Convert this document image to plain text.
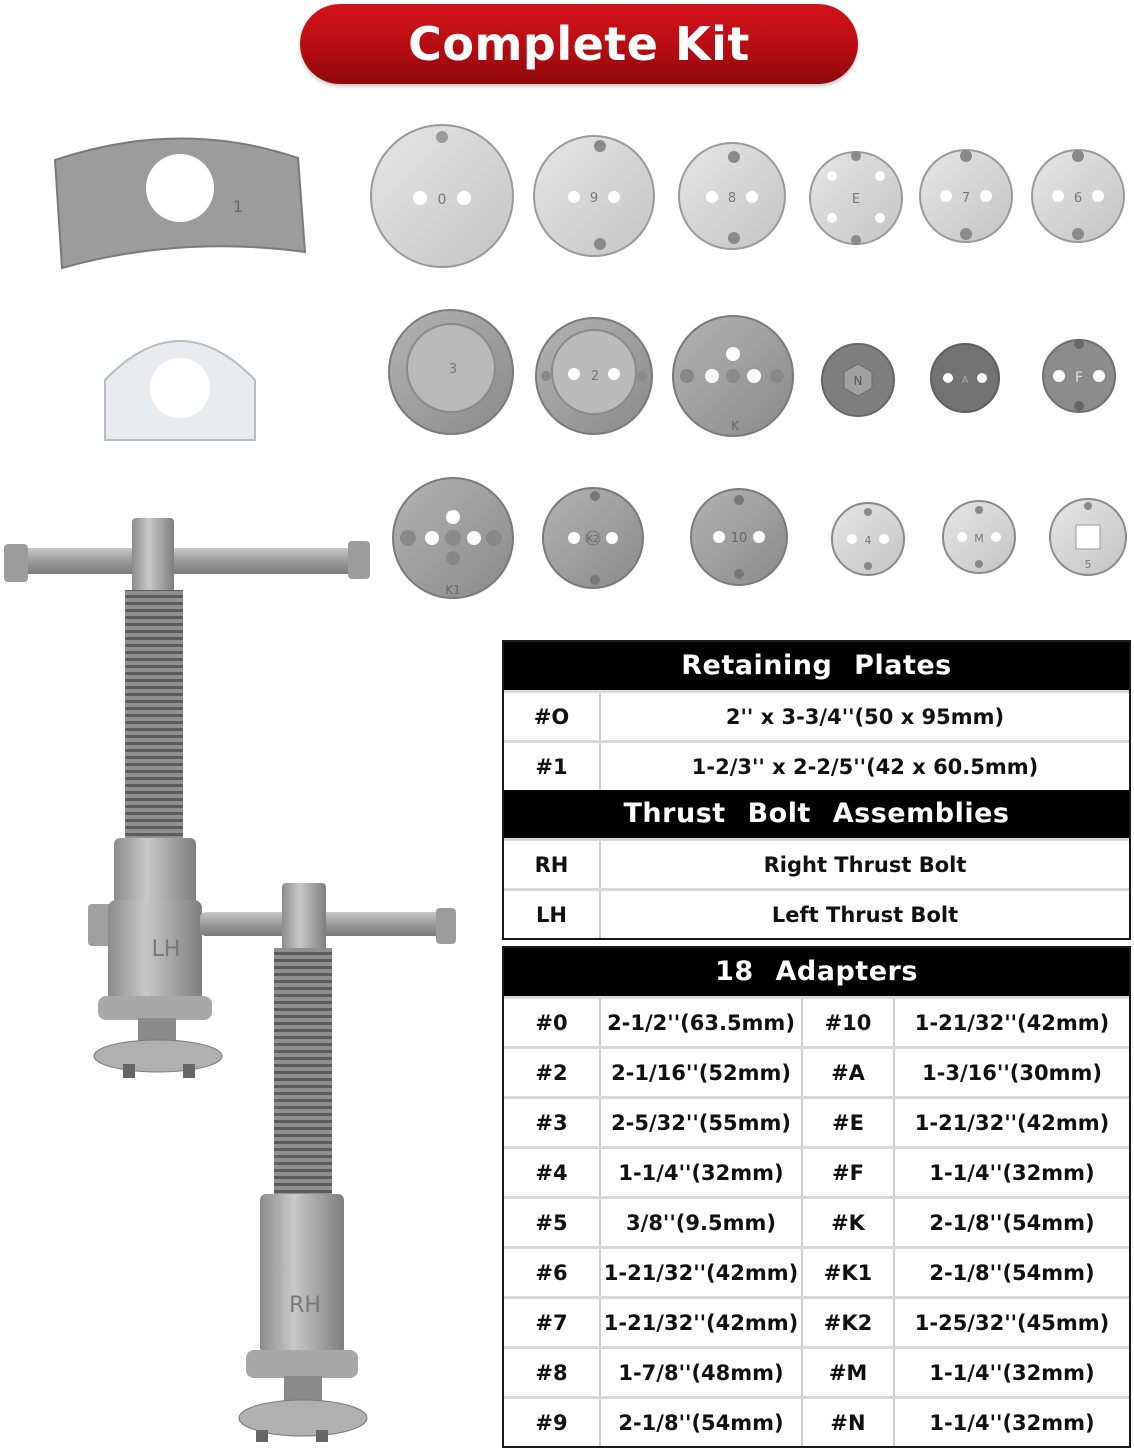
Complete Kit
1	0	9	8	E	7	6
3	2
K
N	A	F
K1
K2	10	4	M
5
LH
RH
Retaining Plates
#O	2'' x 3-3/4''(50 x 95mm)
#1	1-2/3'' x 2-2/5''(42 x 60.5mm)
Thrust Bolt Assemblies
RH	Right Thrust Bolt
LH	Left Thrust Bolt
18 Adapters
#0	2-1/2''(63.5mm)	#10	1-21/32''(42mm)
#2	2-1/16''(52mm)	#A	1-3/16''(30mm)
#3	2-5/32''(55mm)	#E	1-21/32''(42mm)
#4	1-1/4''(32mm)	#F	1-1/4''(32mm)
#5	3/8''(9.5mm)	#K	2-1/8''(54mm)
#6	1-21/32''(42mm)	#K1	2-1/8''(54mm)
#7	1-21/32''(42mm)	#K2	1-25/32''(45mm)
#8	1-7/8''(48mm)	#M	1-1/4''(32mm)
#9	2-1/8''(54mm)	#N	1-1/4''(32mm)
